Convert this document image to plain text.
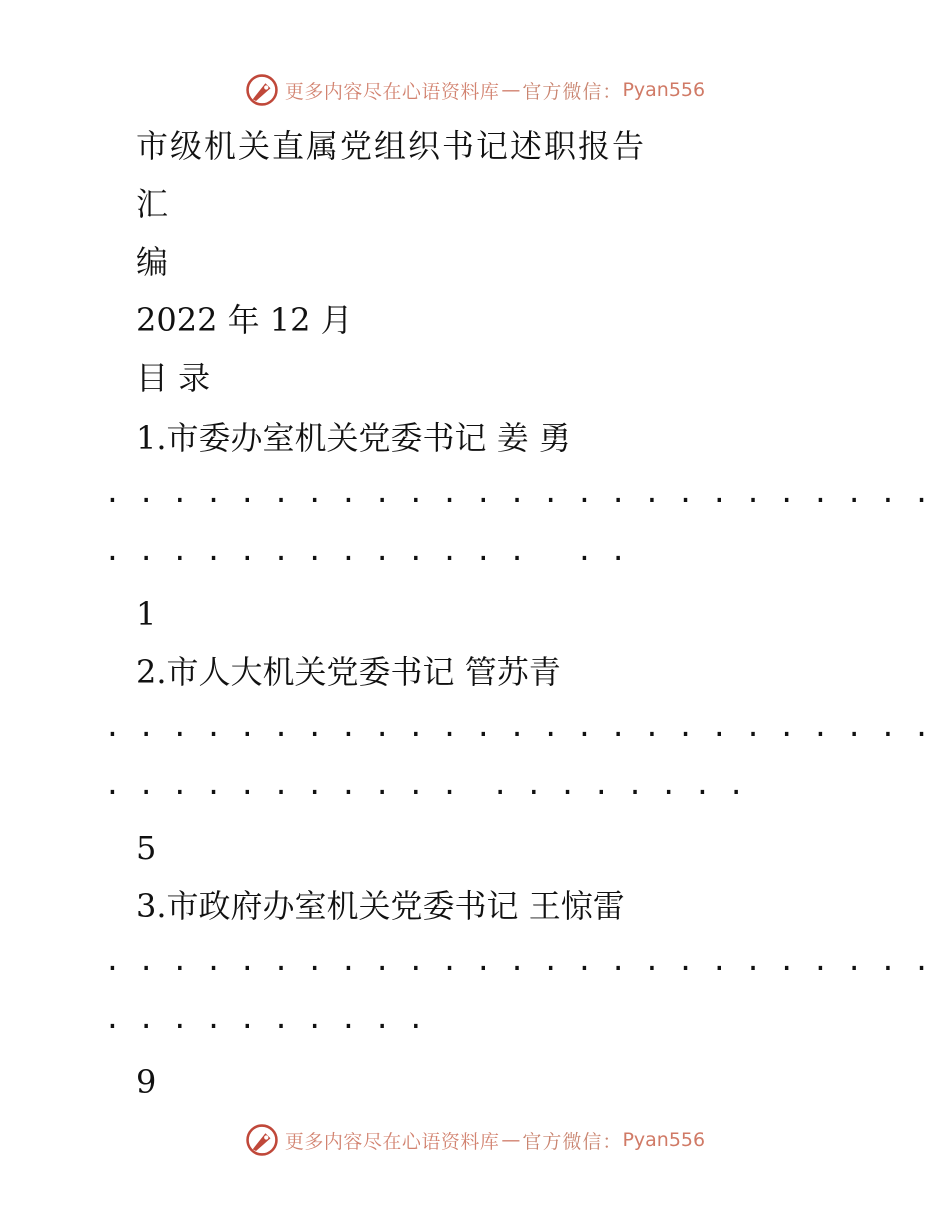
更多内容尽在心语资料库 — 官方微信： Pyan556
市级机关直属党组织书记述职报告
汇
编
2022 年 12 月
目 录
1.市委办室机关党委书记 姜 勇
. . . . . . . . . . . . . . . . . . . . . . . . .
. . . . . . . . . . . . .   . .
1
2.市人大机关党委书记 管苏青
. . . . . . . . . . . . . . . . . . . . . . . . .
. . . . . . . . . . .  . . . . . . . .
5
3.市政府办室机关党委书记 王惊雷
. . . . . . . . . . . . . . . . . . . . . . . . .
. . . . . . . . . .
9
更多内容尽在心语资料库 — 官方微信： Pyan556
